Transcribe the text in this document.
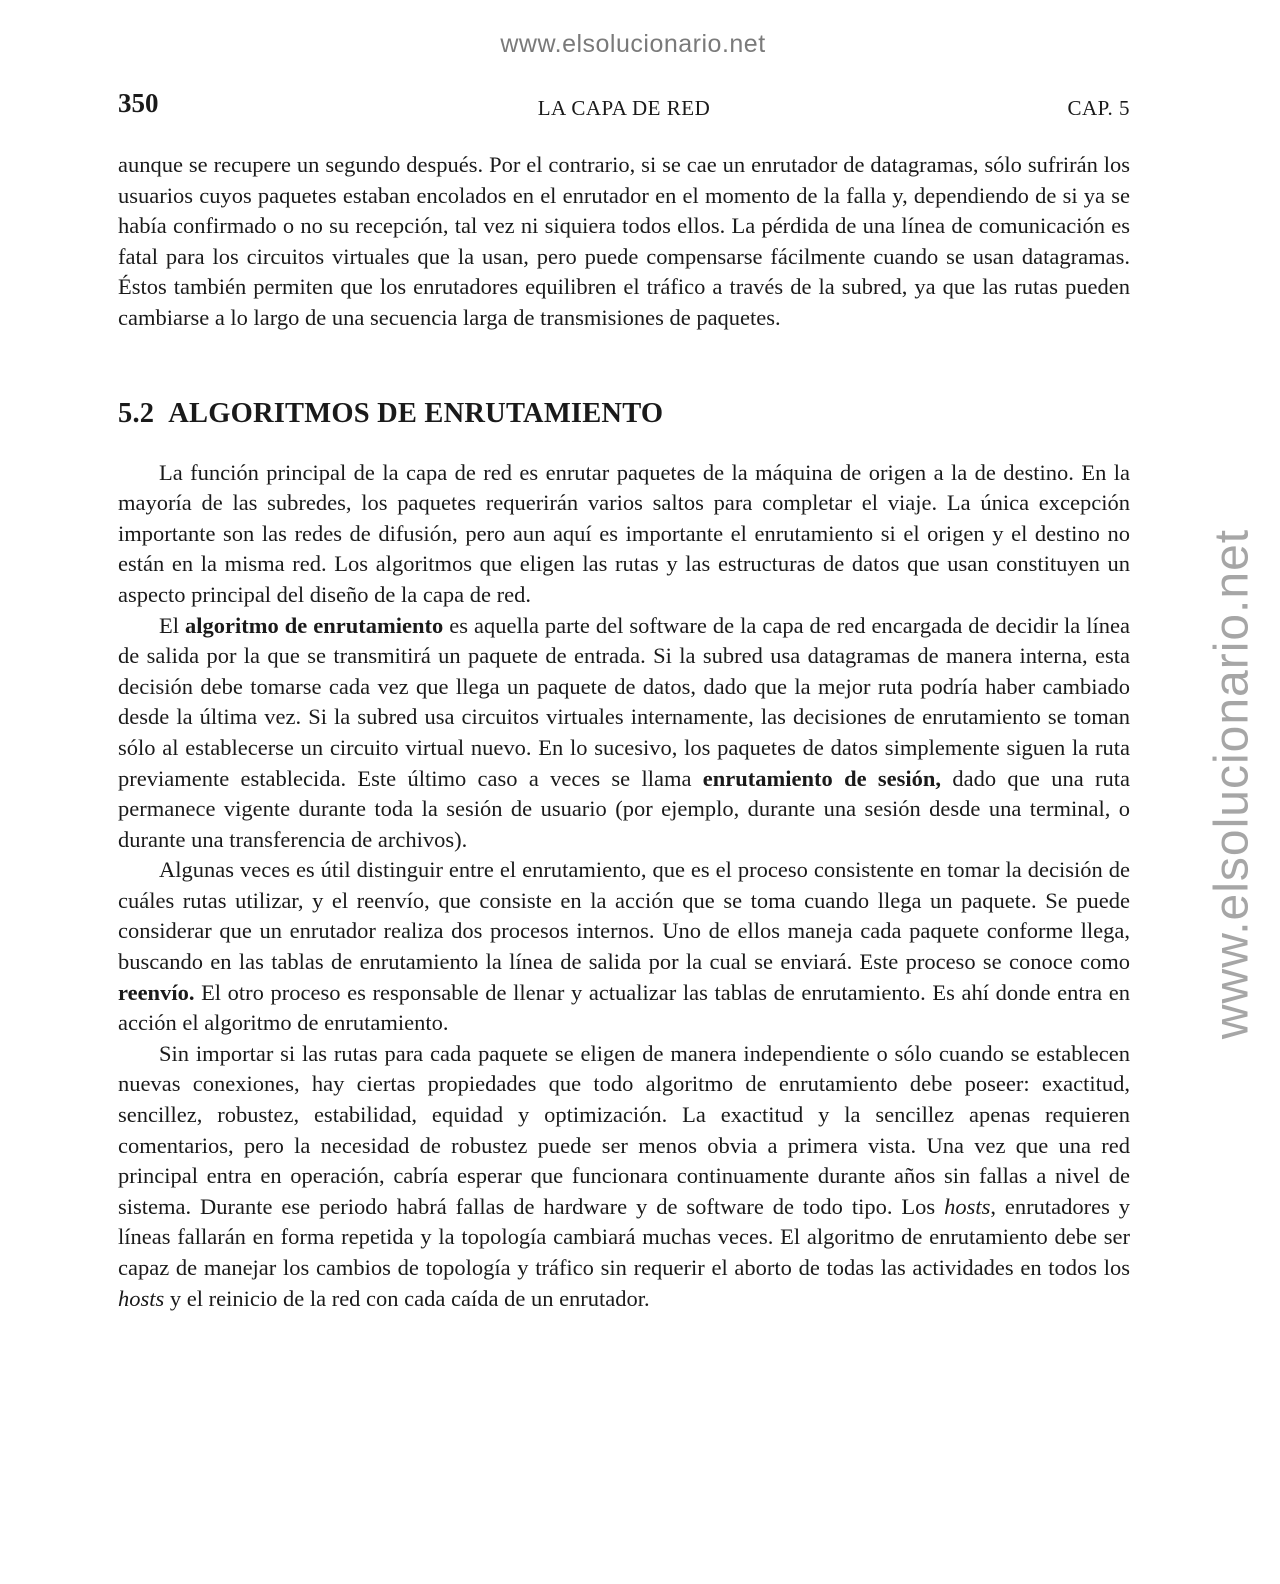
www.elsolucionario.net
www.elsolucionario.net
350	LA CAPA DE RED	CAP. 5

aunque se recupere un segundo después. Por el contrario, si se cae un enrutador de datagramas, sólo sufrirán los usuarios cuyos paquetes estaban encolados en el enrutador en el momento de la falla y, dependiendo de si ya se había confirmado o no su recepción, tal vez ni siquiera todos ellos. La pérdida de una línea de comunicación es fatal para los circuitos virtuales que la usan, pero puede compensarse fácilmente cuando se usan datagramas. Éstos también permiten que los enrutadores equilibren el tráfico a través de la subred, ya que las rutas pueden cambiarse a lo largo de una secuencia larga de transmisiones de paquetes.

5.2 ALGORITMOS DE ENRUTAMIENTO

La función principal de la capa de red es enrutar paquetes de la máquina de origen a la de destino. En la mayoría de las subredes, los paquetes requerirán varios saltos para completar el viaje. La única excepción importante son las redes de difusión, pero aun aquí es importante el enrutamiento si el origen y el destino no están en la misma red. Los algoritmos que eligen las rutas y las estructuras de datos que usan constituyen un aspecto principal del diseño de la capa de red.

El algoritmo de enrutamiento es aquella parte del software de la capa de red encargada de decidir la línea de salida por la que se transmitirá un paquete de entrada. Si la subred usa datagramas de manera interna, esta decisión debe tomarse cada vez que llega un paquete de datos, dado que la mejor ruta podría haber cambiado desde la última vez. Si la subred usa circuitos virtuales internamente, las decisiones de enrutamiento se toman sólo al establecerse un circuito virtual nuevo. En lo sucesivo, los paquetes de datos simplemente siguen la ruta previamente establecida. Este último caso a veces se llama enrutamiento de sesión, dado que una ruta permanece vigente durante toda la sesión de usuario (por ejemplo, durante una sesión desde una terminal, o durante una transferencia de archivos).

Algunas veces es útil distinguir entre el enrutamiento, que es el proceso consistente en tomar la decisión de cuáles rutas utilizar, y el reenvío, que consiste en la acción que se toma cuando llega un paquete. Se puede considerar que un enrutador realiza dos procesos internos. Uno de ellos maneja cada paquete conforme llega, buscando en las tablas de enrutamiento la línea de salida por la cual se enviará. Este proceso se conoce como reenvío. El otro proceso es responsable de llenar y actualizar las tablas de enrutamiento. Es ahí donde entra en acción el algoritmo de enrutamiento.

Sin importar si las rutas para cada paquete se eligen de manera independiente o sólo cuando se establecen nuevas conexiones, hay ciertas propiedades que todo algoritmo de enrutamiento debe poseer: exactitud, sencillez, robustez, estabilidad, equidad y optimización. La exactitud y la sencillez apenas requieren comentarios, pero la necesidad de robustez puede ser menos obvia a primera vista. Una vez que una red principal entra en operación, cabría esperar que funcionara continuamente durante años sin fallas a nivel de sistema. Durante ese periodo habrá fallas de hardware y de software de todo tipo. Los hosts, enrutadores y líneas fallarán en forma repetida y la topología cambiará muchas veces. El algoritmo de enrutamiento debe ser capaz de manejar los cambios de topología y tráfico sin requerir el aborto de todas las actividades en todos los hosts y el reinicio de la red con cada caída de un enrutador.
